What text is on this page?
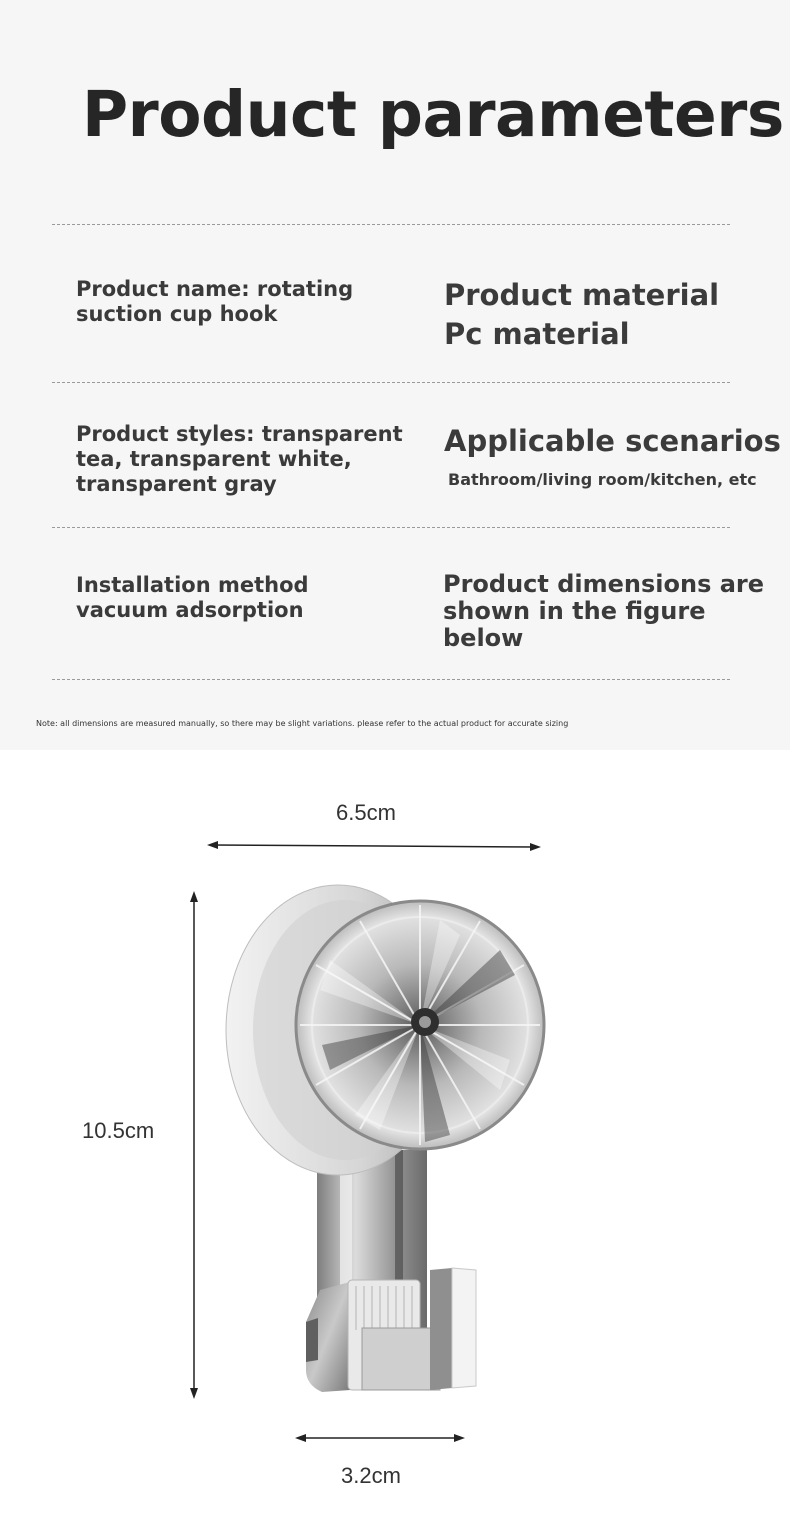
Product parameters
Product name: rotating suction cup hook
Product material
Pc material
Product styles: transparent tea, transparent white, transparent gray
Applicable scenarios
Bathroom/living room/kitchen, etc
Installation method vacuum adsorption
Product dimensions are shown in the figure below
Note: all dimensions are measured manually, so there may be slight variations. please refer to the actual product for accurate sizing
6.5cm
10.5cm
3.2cm
